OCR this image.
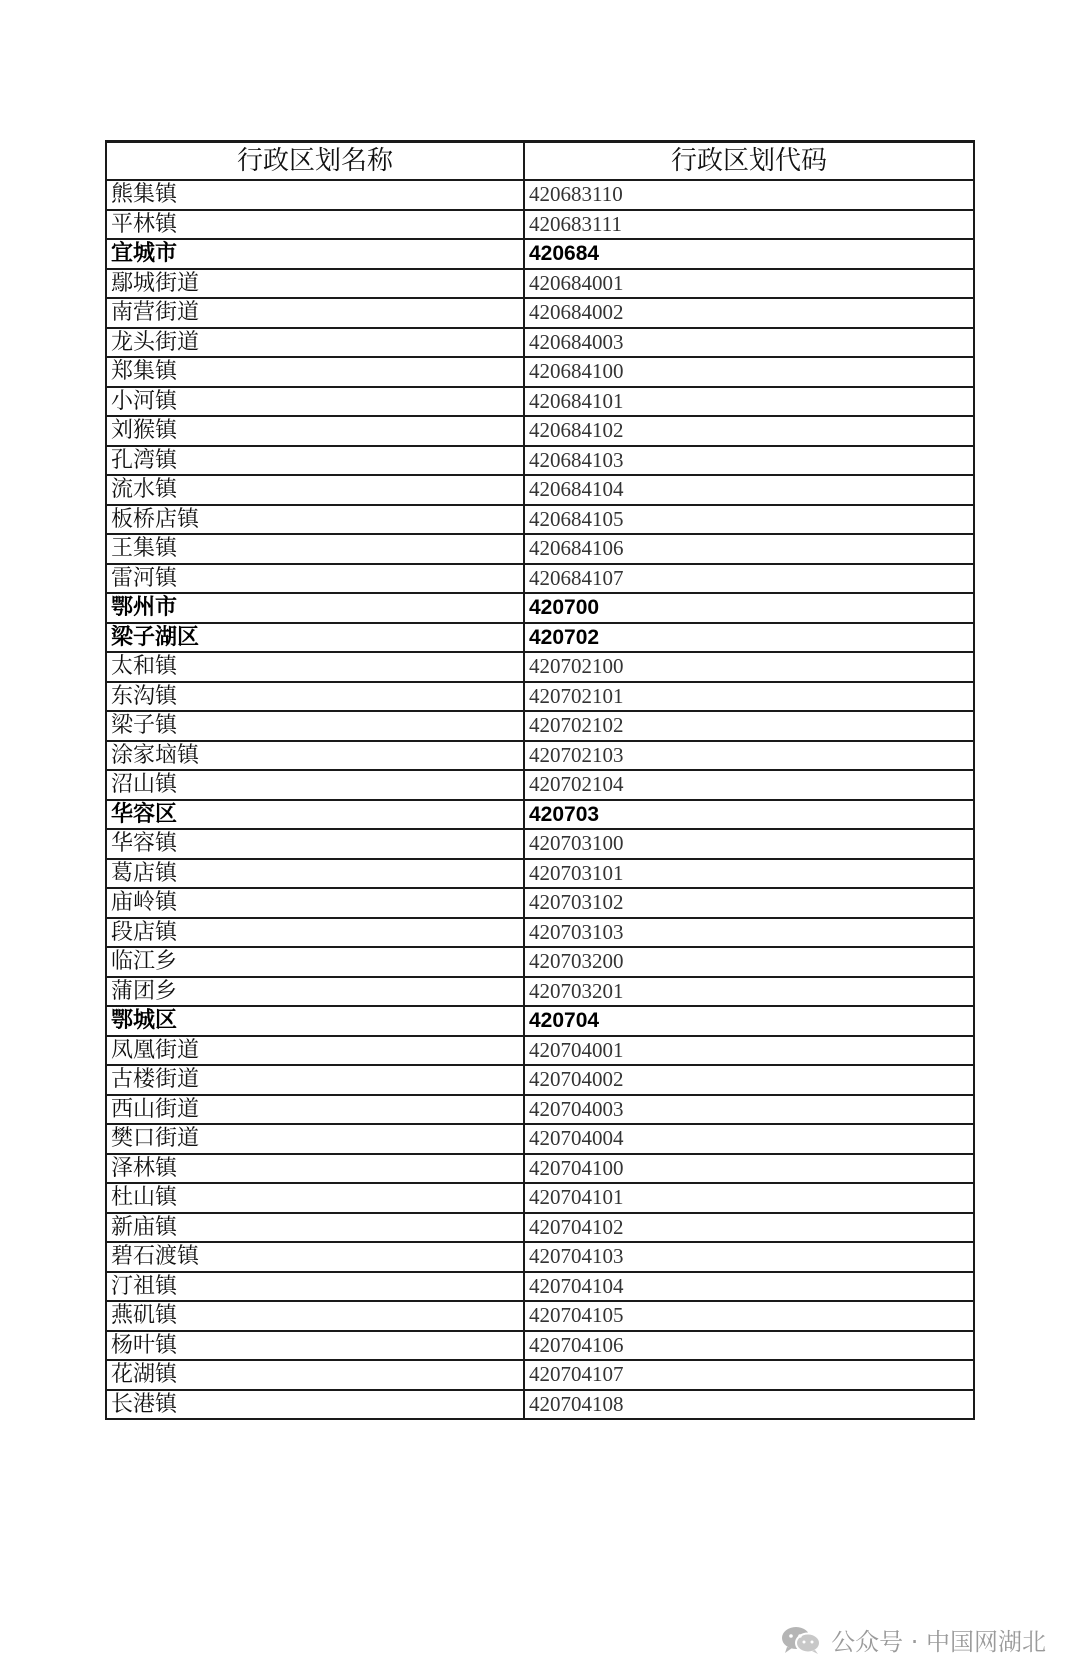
行政区划名称	行政区划代码
熊集镇	420683110
平林镇	420683111
宜城市	420684
鄢城街道	420684001
南营街道	420684002
龙头街道	420684003
郑集镇	420684100
小河镇	420684101
刘猴镇	420684102
孔湾镇	420684103
流水镇	420684104
板桥店镇	420684105
王集镇	420684106
雷河镇	420684107
鄂州市	420700
梁子湖区	420702
太和镇	420702100
东沟镇	420702101
梁子镇	420702102
涂家垴镇	420702103
沼山镇	420702104
华容区	420703
华容镇	420703100
葛店镇	420703101
庙岭镇	420703102
段店镇	420703103
临江乡	420703200
蒲团乡	420703201
鄂城区	420704
凤凰街道	420704001
古楼街道	420704002
西山街道	420704003
樊口街道	420704004
泽林镇	420704100
杜山镇	420704101
新庙镇	420704102
碧石渡镇	420704103
汀祖镇	420704104
燕矶镇	420704105
杨叶镇	420704106
花湖镇	420704107
长港镇	420704108
公众号 · 中国网湖北
